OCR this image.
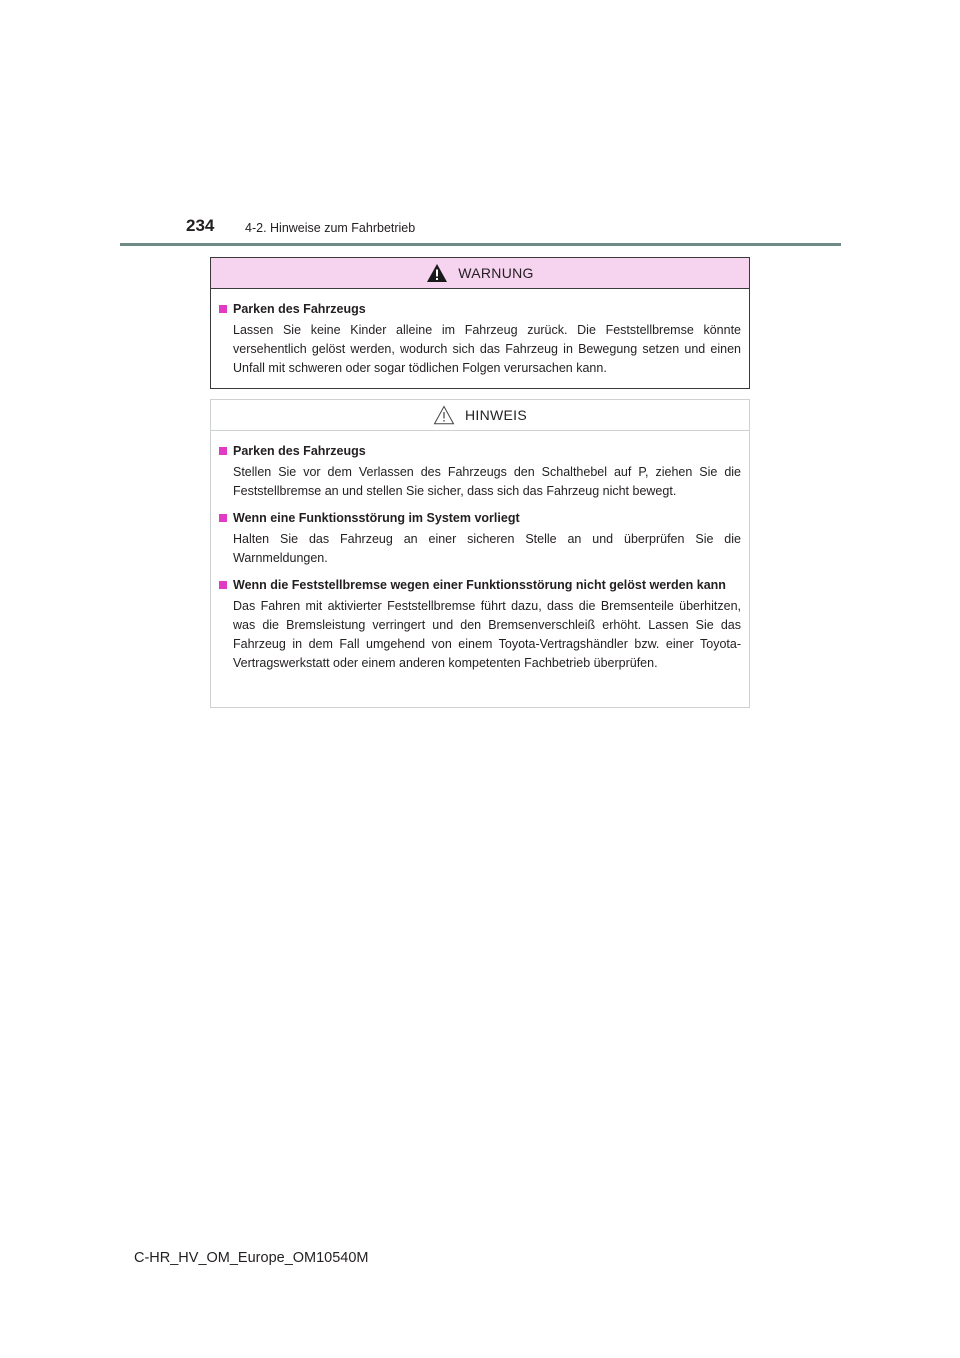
234 4-2. Hinweise zum Fahrbetrieb
WARNUNG
Parken des Fahrzeugs
Lassen Sie keine Kinder alleine im Fahrzeug zurück. Die Feststellbremse könnte versehentlich gelöst werden, wodurch sich das Fahrzeug in Bewegung setzen und einen Unfall mit schweren oder sogar tödlichen Folgen verursachen kann.
HINWEIS
Parken des Fahrzeugs
Stellen Sie vor dem Verlassen des Fahrzeugs den Schalthebel auf P, ziehen Sie die Feststellbremse an und stellen Sie sicher, dass sich das Fahrzeug nicht bewegt.
Wenn eine Funktionsstörung im System vorliegt
Halten Sie das Fahrzeug an einer sicheren Stelle an und überprüfen Sie die Warnmeldungen.
Wenn die Feststellbremse wegen einer Funktionsstörung nicht gelöst werden kann
Das Fahren mit aktivierter Feststellbremse führt dazu, dass die Bremsenteile überhitzen, was die Bremsleistung verringert und den Bremsenverschleiß erhöht. Lassen Sie das Fahrzeug in dem Fall umgehend von einem Toyota-Vertragshändler bzw. einer Toyota-Vertragswerkstatt oder einem anderen kompetenten Fachbetrieb überprüfen.
C-HR_HV_OM_Europe_OM10540M
